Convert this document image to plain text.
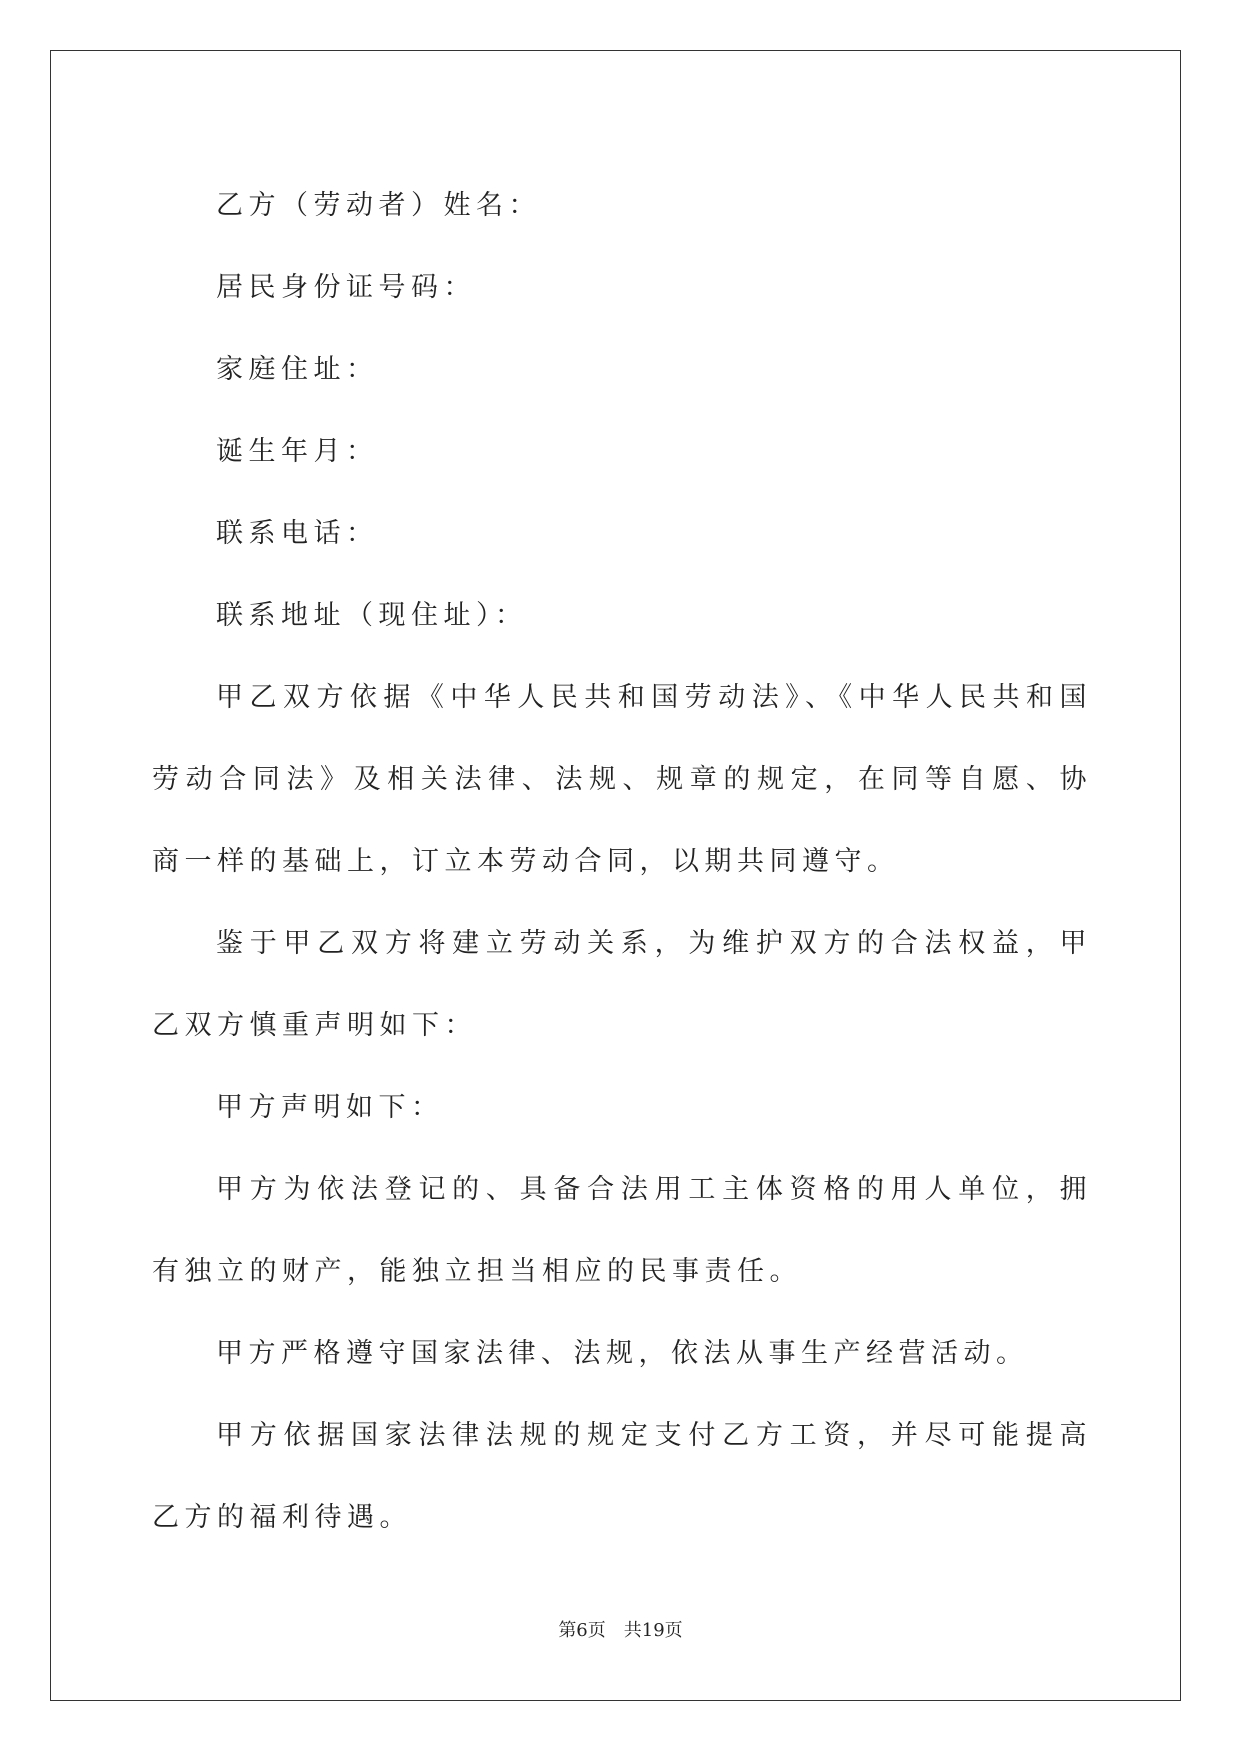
乙方（劳动者）姓名：

居民身份证号码：

家庭住址：

诞生年月：

联系电话：

联系地址（现住址）：

甲乙双方依据《中华人民共和国劳动法》、《中华人民共和国劳动合同法》及相关法律、法规、规章的规定，在同等自愿、协商一样的基础上，订立本劳动合同，以期共同遵守。

鉴于甲乙双方将建立劳动关系，为维护双方的合法权益，甲乙双方慎重声明如下：

甲方声明如下：

甲方为依法登记的、具备合法用工主体资格的用人单位，拥有独立的财产，能独立担当相应的民事责任。

甲方严格遵守国家法律、法规，依法从事生产经营活动。

甲方依据国家法律法规的规定支付乙方工资，并尽可能提高乙方的福利待遇。

第6页 共19页
